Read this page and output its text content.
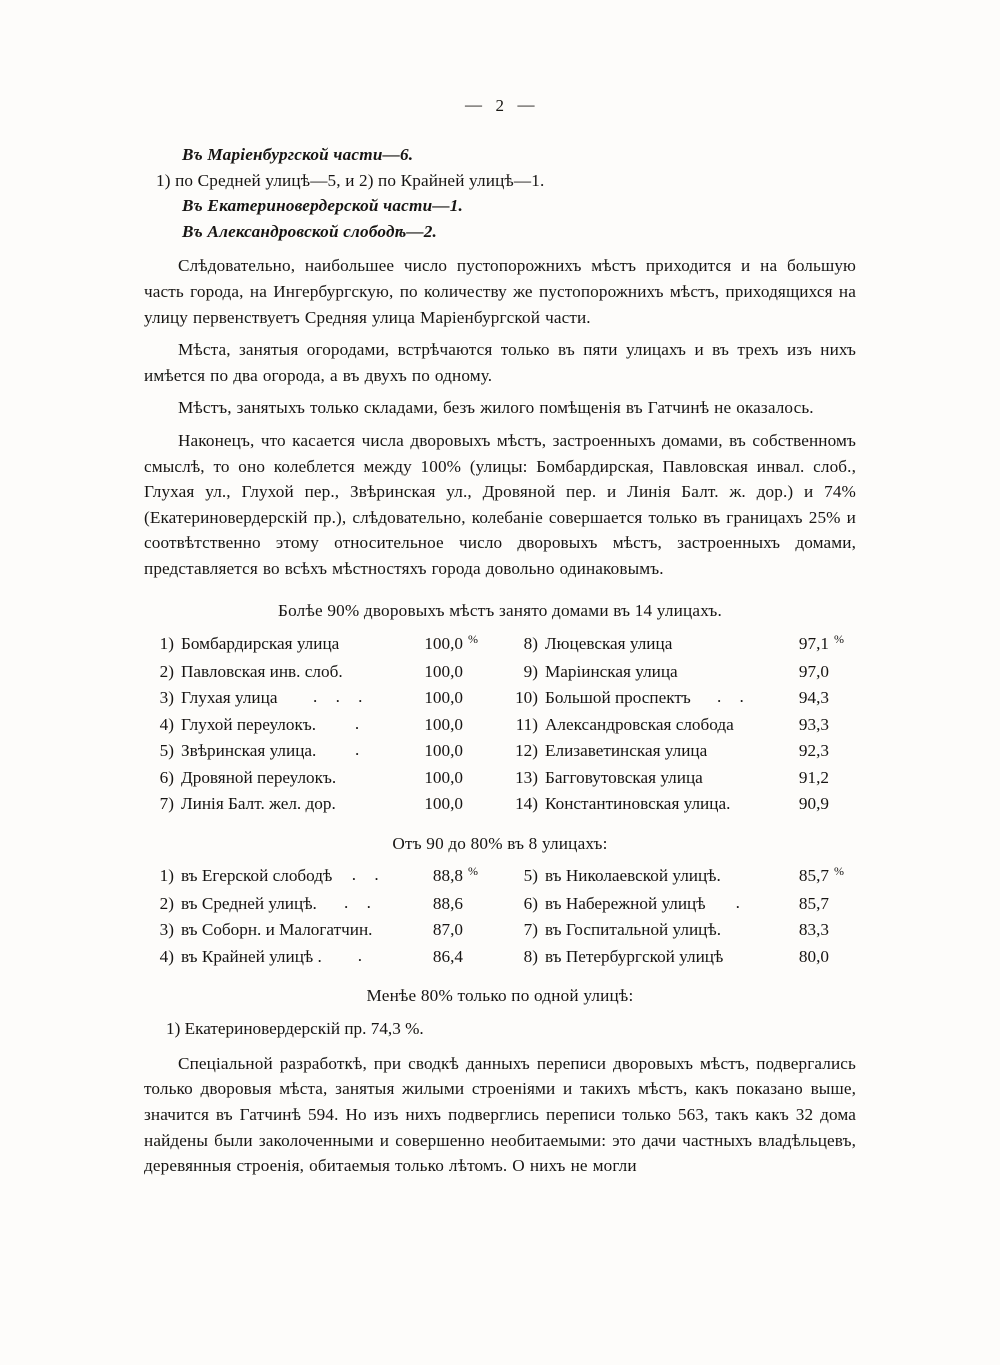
— 2 —
Въ Маріенбургской части—6.
1) по Средней улицѣ—5, и 2) по Крайней улицѣ—1.
Въ Екатериновердерской части—1.
Въ Александровской слободѣ—2.

Слѣдовательно, наибольшее число пустопорожнихъ мѣстъ приходится и на большую часть города, на Ингербургскую, по количеству же пустопорожнихъ мѣстъ, приходящихся на улицу первенствуетъ Средняя улица Маріенбургской части.

Мѣста, занятыя огородами, встрѣчаются только въ пяти улицахъ и въ трехъ изъ нихъ имѣется по два огорода, а въ двухъ по одному.

Мѣстъ, занятыхъ только складами, безъ жилого помѣщенія въ Гатчинѣ не оказалось.

Наконецъ, что касается числа дворовыхъ мѣстъ, застроенныхъ домами, въ собственномъ смыслѣ, то оно колеблется между 100% (улицы: Бомбардирская, Павловская инвал. слоб., Глухая ул., Глухой пер., Звѣринская ул., Дровяной пер. и Линія Балт. ж. дор.) и 74% (Екатериновердерскій пр.), слѣдовательно, колебаніе совершается только въ границахъ 25% и соотвѣтственно этому относительное число дворовыхъ мѣстъ, застроенныхъ домами, представляется во всѣхъ мѣстностяхъ города довольно одинаковымъ.

Болѣе 90% дворовыхъ мѣстъ занято домами въ 14 улицахъ.
1) Бомбардирская улица	100,0 %
2) Павловская инв. слоб.	100,0
3) Глухая улица	. . .	100,0
4) Глухой переулокъ.	.	100,0
5) Звѣринская улица.	.	100,0
6) Дровяной переулокъ.	100,0
7) Линія Балт. жел. дор.	100,0
8) Люцевская улица	97,1 %
9) Маріинская улица	97,0
10) Большой проспектъ	. .	94,3
11) Александровская слобода	93,3
12) Елизаветинская улица	92,3
13) Багговутовская улица	91,2
14) Константиновская улица.	90,9
Отъ 90 до 80% въ 8 улицахъ:
1) въ Егерской слободѣ	. .	88,8 %
2) въ Средней улицѣ.	. .	88,6
3) въ Соборн. и Малогатчин.	87,0
4) въ Крайней улицѣ .	.	86,4
5) въ Николаевской улицѣ.	85,7 %
6) въ Набережной улицѣ	.	85,7
7) въ Госпитальной улицѣ.	83,3
8) въ Петербургской улицѣ	80,0
Менѣе 80% только по одной улицѣ:
1) Екатериновердерскій пр. 74,3 %.

Спеціальной разработкѣ, при сводкѣ данныхъ переписи дворовыхъ мѣстъ, подвергались только дворовыя мѣста, занятыя жилыми строеніями и такихъ мѣстъ, какъ показано выше, значится въ Гатчинѣ 594. Но изъ нихъ подверглись переписи только 563, такъ какъ 32 дома найдены были заколоченными и совершенно необитаемыми: это дачи частныхъ владѣльцевъ, деревянныя строенія, обитаемыя только лѣтомъ. О нихъ не могли
